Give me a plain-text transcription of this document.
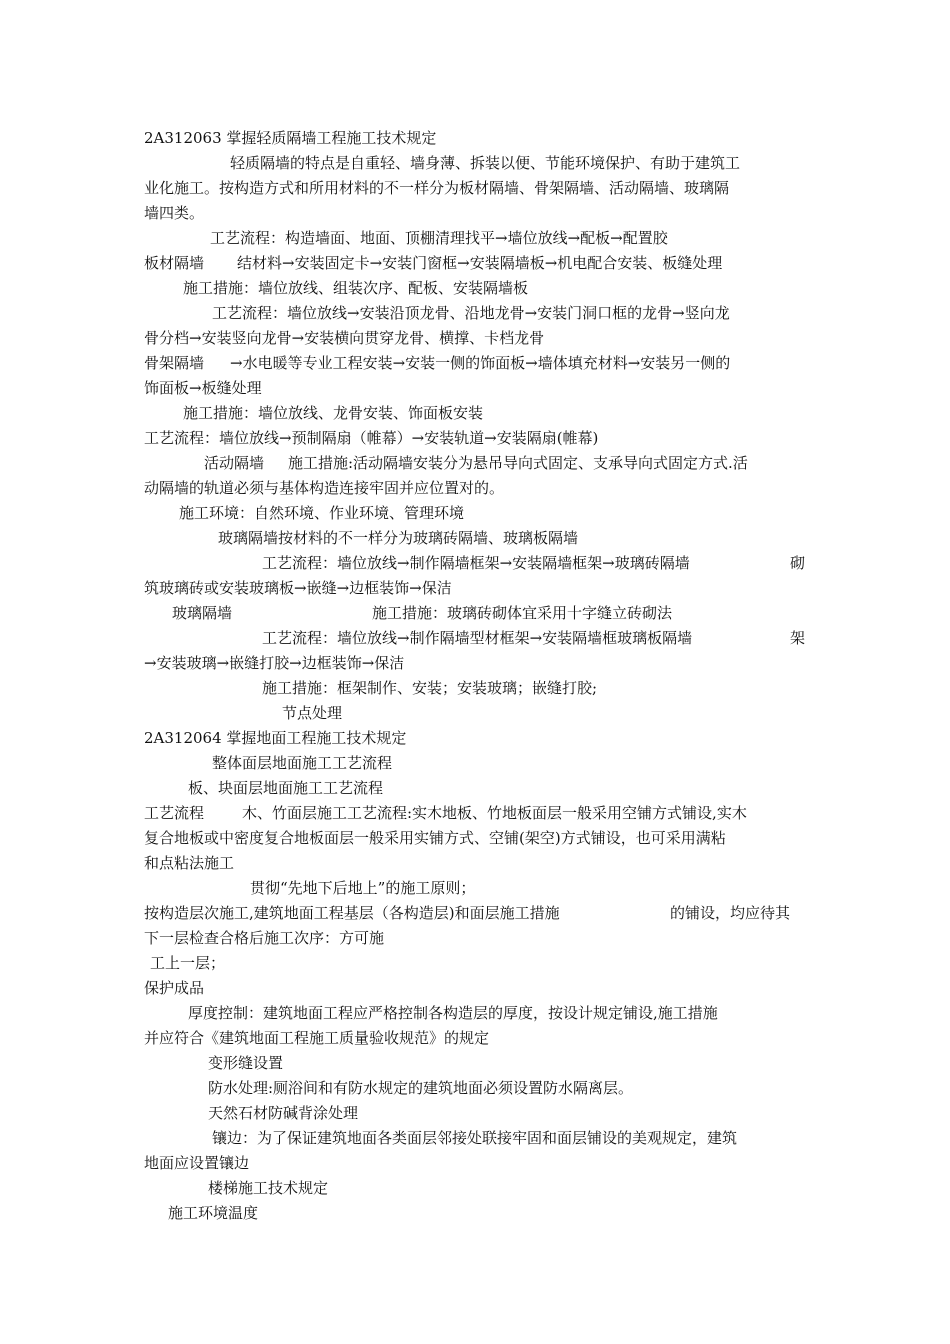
2A312063 掌握轻质隔墙工程施工技术规定
轻质隔墙的特点是自重轻、墙身薄、拆装以便、节能环境保护、有助于建筑工
业化施工。按构造方式和所用材料的不一样分为板材隔墙、骨架隔墙、活动隔墙、玻璃隔
墙四类。
工艺流程：构造墙面、地面、顶棚清理找平→墙位放线→配板→配置胶
板材隔墙 结材料→安装固定卡→安装门窗框→安装隔墙板→机电配合安装、板缝处理
施工措施：墙位放线、组装次序、配板、安装隔墙板
工艺流程：墙位放线→安装沿顶龙骨、沿地龙骨→安装门洞口框的龙骨→竖向龙
骨分档→安装竖向龙骨→安装横向贯穿龙骨、横撑、卡档龙骨
骨架隔墙 →水电暖等专业工程安装→安装一侧的饰面板→墙体填充材料→安装另一侧的
饰面板→板缝处理
施工措施：墙位放线、龙骨安装、饰面板安装
工艺流程：墙位放线→预制隔扇（帷幕）→安装轨道→安装隔扇(帷幕)
活动隔墙 施工措施:活动隔墙安装分为悬吊导向式固定、支承导向式固定方式.活
动隔墙的轨道必须与基体构造连接牢固并应位置对的。
施工环境：自然环境、作业环境、管理环境
玻璃隔墙按材料的不一样分为玻璃砖隔墙、玻璃板隔墙
工艺流程：墙位放线→制作隔墙框架→安装隔墙框架→玻璃砖隔墙	砌
筑玻璃砖或安装玻璃板→嵌缝→边框装饰→保洁
玻璃隔墙	施工措施：玻璃砖砌体宜采用十字缝立砖砌法
工艺流程：墙位放线→制作隔墙型材框架→安装隔墙框玻璃板隔墙	架
→安装玻璃→嵌缝打胶→边框装饰→保洁
施工措施：框架制作、安装；安装玻璃；嵌缝打胶;
节点处理
2A312064 掌握地面工程施工技术规定
整体面层地面施工工艺流程
板、块面层地面施工工艺流程
工艺流程	木、竹面层施工工艺流程:实木地板、竹地板面层一般采用空铺方式铺设,实木
复合地板或中密度复合地板面层一般采用实铺方式、空铺(架空)方式铺设，也可采用满粘
和点粘法施工
贯彻“先地下后地上”的施工原则；
按构造层次施工,建筑地面工程基层（各构造层)和面层施工措施	的铺设，均应待其
下一层检查合格后施工次序：方可施
工上一层；
保护成品
厚度控制：建筑地面工程应严格控制各构造层的厚度，按设计规定铺设,施工措施
并应符合《建筑地面工程施工质量验收规范》的规定
变形缝设置
防水处理:厕浴间和有防水规定的建筑地面必须设置防水隔离层。
天然石材防碱背涂处理
镶边：为了保证建筑地面各类面层邻接处联接牢固和面层铺设的美观规定，建筑
地面应设置镶边
楼梯施工技术规定
施工环境温度
